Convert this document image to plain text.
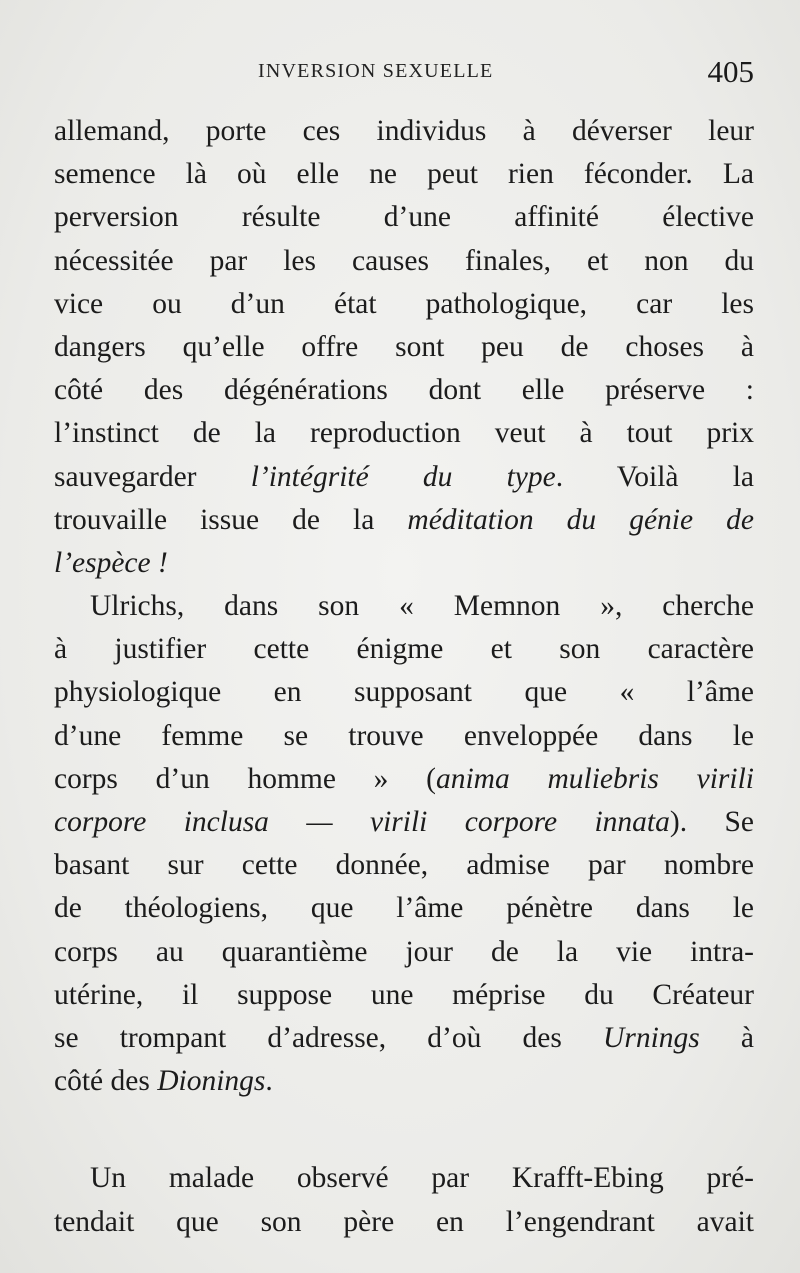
INVERSION SEXUELLE	405
allemand, porte ces individus à déverser leur
semence là où elle ne peut rien féconder. La
perversion résulte d’une affinité élective
nécessitée par les causes finales, et non du
vice ou d’un état pathologique, car les
dangers qu’elle offre sont peu de choses à
côté des dégénérations dont elle préserve :
l’instinct de la reproduction veut à tout prix
sauvegarder l’intégrité du type. Voilà la
trouvaille issue de la méditation du génie de
l’espèce !
Ulrichs, dans son « Memnon », cherche
à justifier cette énigme et son caractère
physiologique en supposant que « l’âme
d’une femme se trouve enveloppée dans le
corps d’un homme » (anima muliebris virili
corpore inclusa — virili corpore innata). Se
basant sur cette donnée, admise par nombre
de théologiens, que l’âme pénètre dans le
corps au quarantième jour de la vie intra-
utérine, il suppose une méprise du Créateur
se trompant d’adresse, d’où des Urnings à
côté des Dionings.
Un malade observé par Krafft-Ebing pré-
tendait que son père en l’engendrant avait
